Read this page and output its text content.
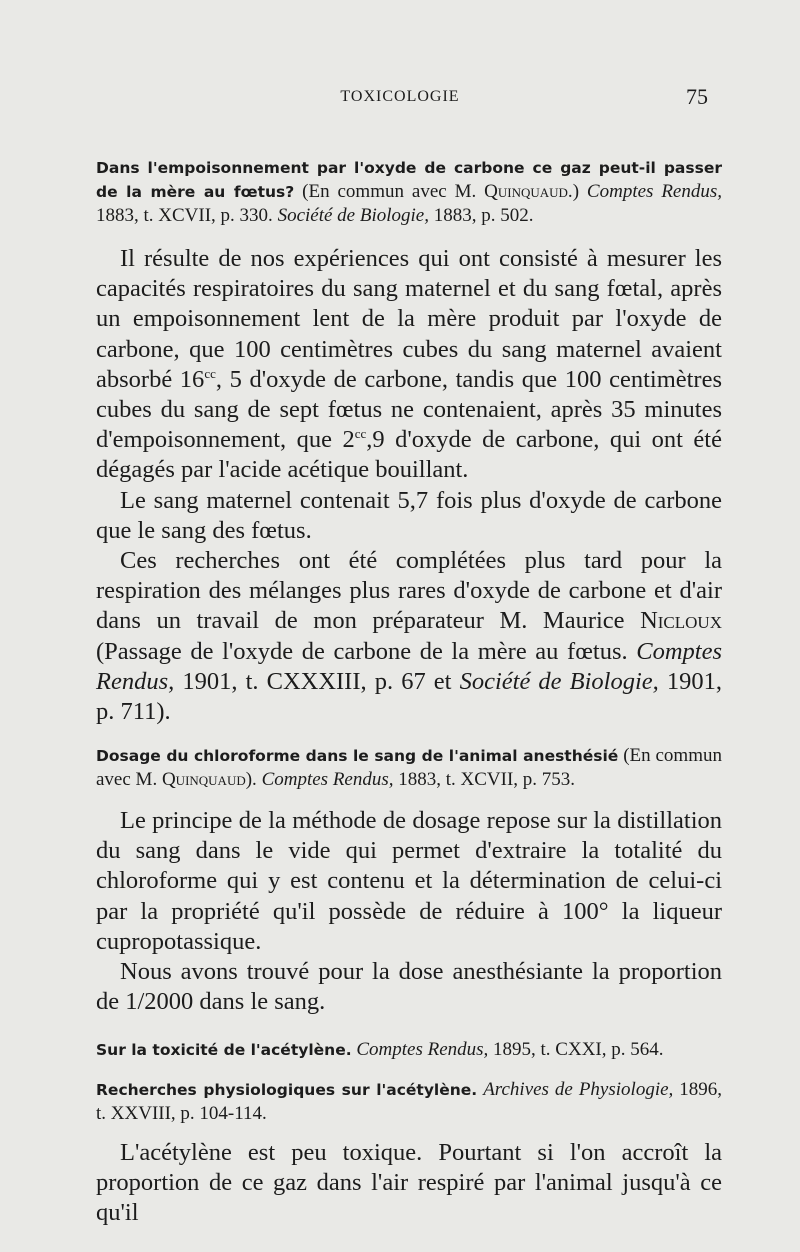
TOXICOLOGIE	75
Dans l'empoisonnement par l'oxyde de carbone ce gaz peut-il passer de la mère au fœtus? (En commun avec M. Quinquaud.) Comptes Rendus, 1883, t. XCVII, p. 330. Société de Biologie, 1883, p. 502.

Il résulte de nos expériences qui ont consisté à mesurer les capacités respiratoires du sang maternel et du sang fœtal, après un empoisonnement lent de la mère produit par l'oxyde de carbone, que 100 centimètres cubes du sang maternel avaient absorbé $16^{cc}$, 5 d'oxyde de carbone, tandis que 100 centimètres cubes du sang de sept fœtus ne contenaient, après 35 minutes d'empoisonnement, que $2^{cc},9$ d'oxyde de carbone, qui ont été dégagés par l'acide acétique bouillant.

Le sang maternel contenait 5,7 fois plus d'oxyde de carbone que le sang des fœtus.

Ces recherches ont été complétées plus tard pour la respiration des mélanges plus rares d'oxyde de carbone et d'air dans un travail de mon préparateur M. Maurice Nicloux (Passage de l'oxyde de carbone de la mère au fœtus. Comptes Rendus, 1901, t. CXXXIII, p. 67 et Société de Biologie, 1901, p. 711).

Dosage du chloroforme dans le sang de l'animal anesthésié (En commun avec M. Quinquaud). Comptes Rendus, 1883, t. XCVII, p. 753.

Le principe de la méthode de dosage repose sur la distillation du sang dans le vide qui permet d'extraire la totalité du chloroforme qui y est contenu et la détermination de celui-ci par la propriété qu'il possède de réduire à 100° la liqueur cupropotassique.

Nous avons trouvé pour la dose anesthésiante la proportion de 1/2000 dans le sang.

Sur la toxicité de l'acétylène. Comptes Rendus, 1895, t. CXXI, p. 564.
Recherches physiologiques sur l'acétylène. Archives de Physiologie, 1896, t. XXVIII, p. 104-114.

L'acétylène est peu toxique. Pourtant si l'on accroît la proportion de ce gaz dans l'air respiré par l'animal jusqu'à ce qu'il
